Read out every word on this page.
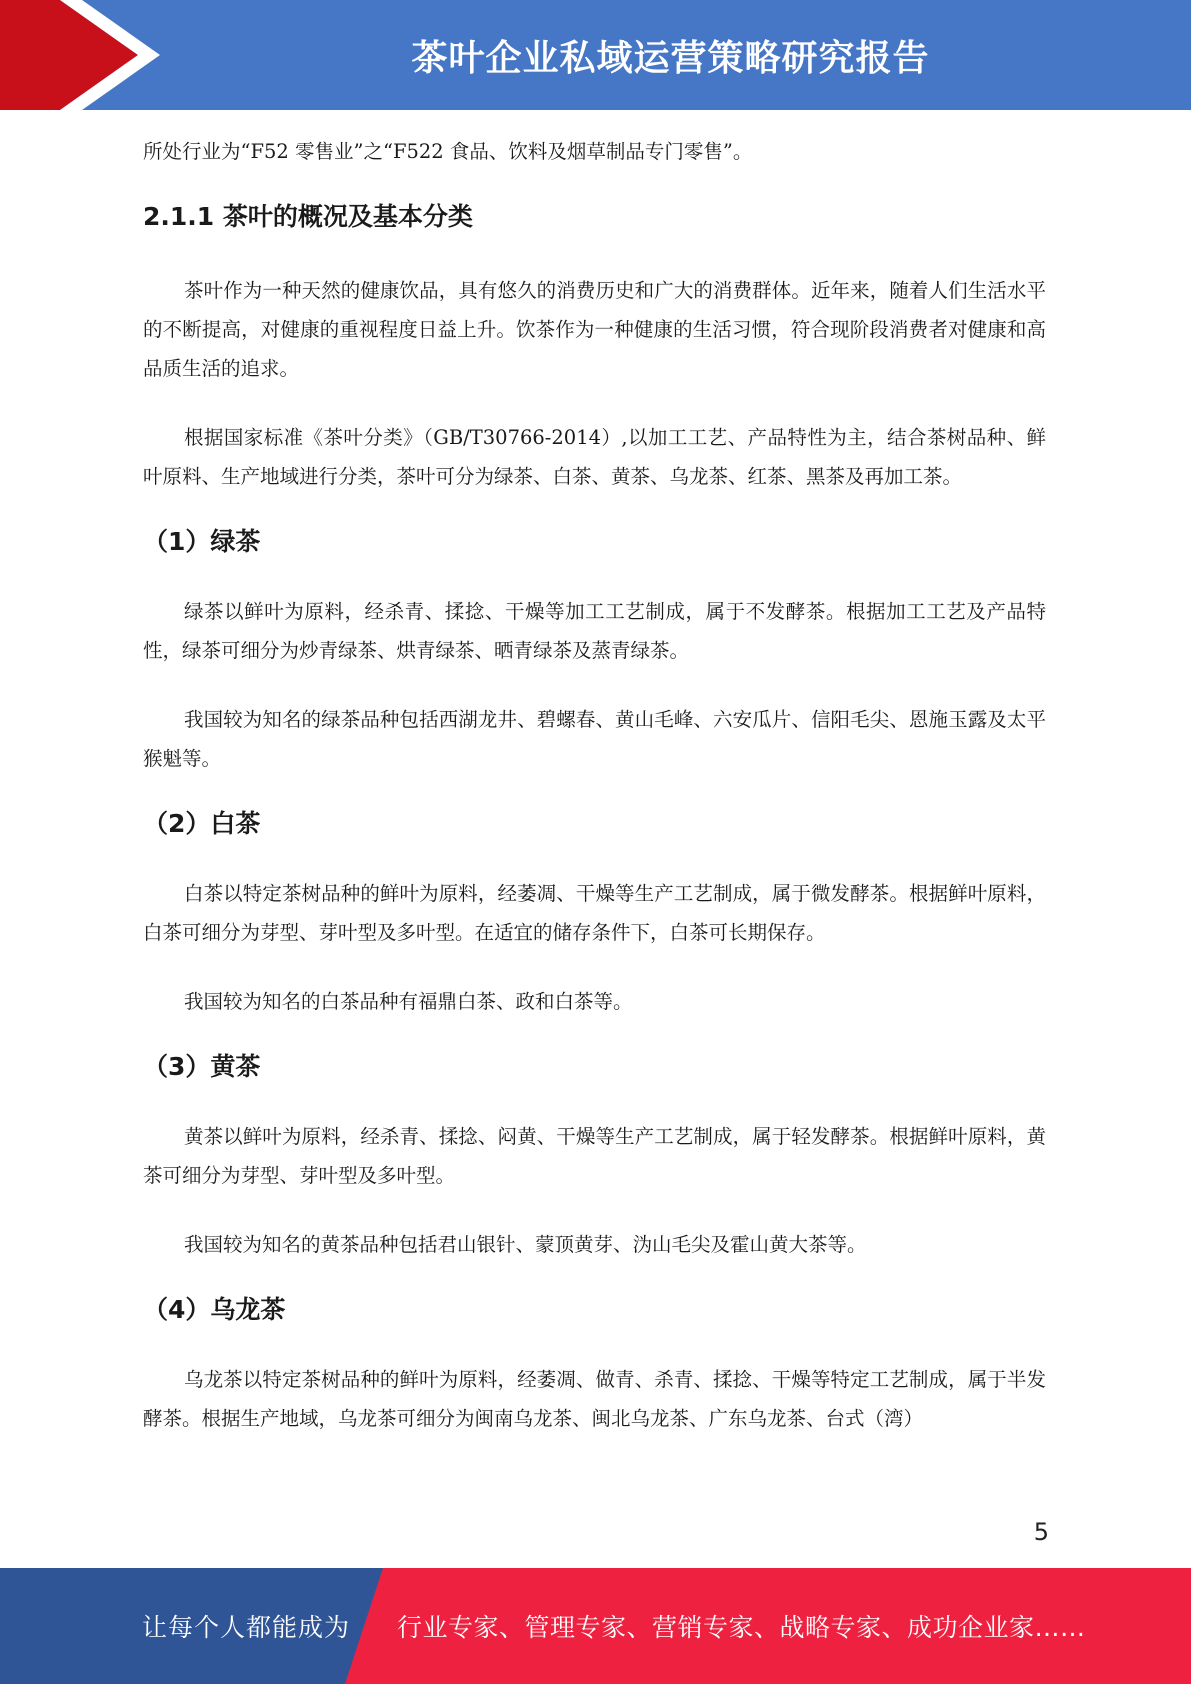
茶叶企业私域运营策略研究报告

所处行业为“F52 零售业”之“F522 食品、饮料及烟草制品专门零售”。

2.1.1 茶叶的概况及基本分类

茶叶作为一种天然的健康饮品，具有悠久的消费历史和广大的消费群体。近年来，随着人们生活水平的不断提高，对健康的重视程度日益上升。饮茶作为一种健康的生活习惯，符合现阶段消费者对健康和高品质生活的追求。

根据国家标准《茶叶分类》（GB/T30766-2014）,以加工工艺、产品特性为主，结合茶树品种、鲜叶原料、生产地域进行分类，茶叶可分为绿茶、白茶、黄茶、乌龙茶、红茶、黑茶及再加工茶。

（1）绿茶

绿茶以鲜叶为原料，经杀青、揉捻、干燥等加工工艺制成，属于不发酵茶。根据加工工艺及产品特性，绿茶可细分为炒青绿茶、烘青绿茶、晒青绿茶及蒸青绿茶。

我国较为知名的绿茶品种包括西湖龙井、碧螺春、黄山毛峰、六安瓜片、信阳毛尖、恩施玉露及太平猴魁等。

（2）白茶

白茶以特定茶树品种的鲜叶为原料，经萎凋、干燥等生产工艺制成，属于微发酵茶。根据鲜叶原料，白茶可细分为芽型、芽叶型及多叶型。在适宜的储存条件下，白茶可长期保存。

我国较为知名的白茶品种有福鼎白茶、政和白茶等。

（3）黄茶

黄茶以鲜叶为原料，经杀青、揉捻、闷黄、干燥等生产工艺制成，属于轻发酵茶。根据鲜叶原料，黄茶可细分为芽型、芽叶型及多叶型。

我国较为知名的黄茶品种包括君山银针、蒙顶黄芽、沩山毛尖及霍山黄大茶等。

（4）乌龙茶

乌龙茶以特定茶树品种的鲜叶为原料，经萎凋、做青、杀青、揉捻、干燥等特定工艺制成，属于半发酵茶。根据生产地域，乌龙茶可细分为闽南乌龙茶、闽北乌龙茶、广东乌龙茶、台式（湾）

5
让每个人都能成为 行业专家、管理专家、营销专家、战略专家、成功企业家……
